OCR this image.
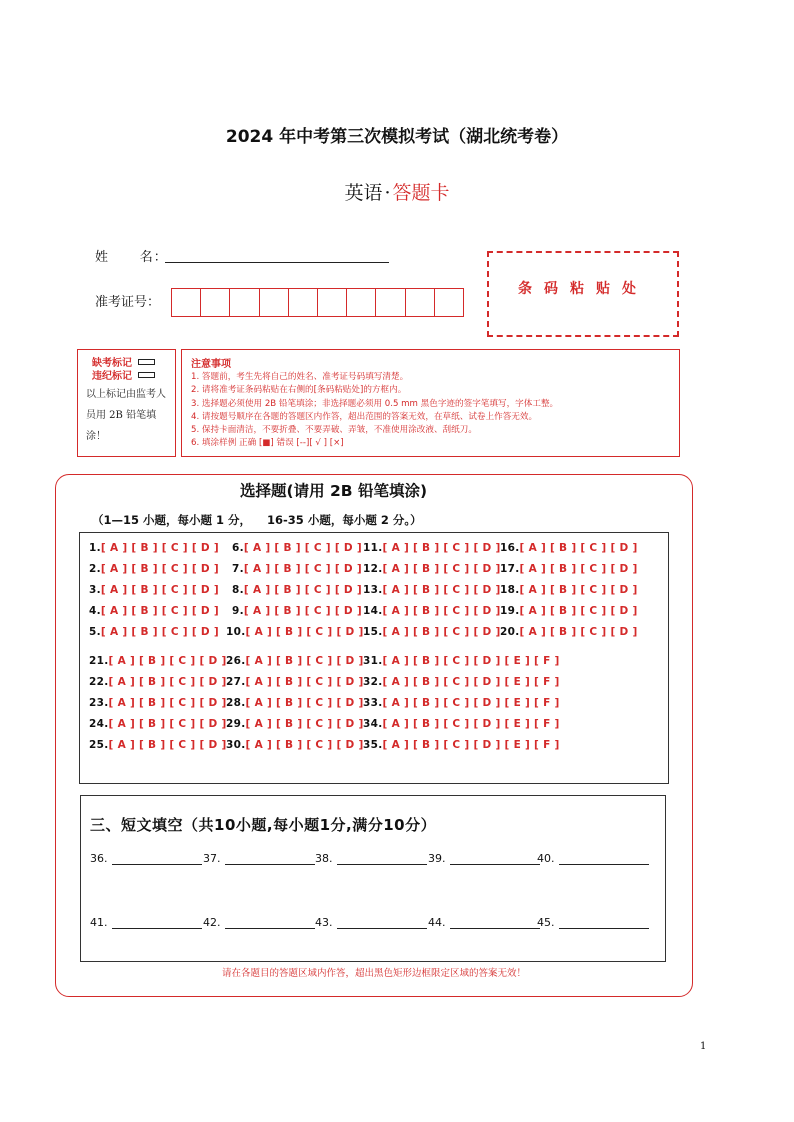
2024 年中考第三次模拟考试（湖北统考卷）
英语 · 答题卡
姓      名：
准考证号：
条码粘贴处
缺考标记
违纪标记
以上标记由监考人员用 2B 铅笔填涂！
注意事项
1. 答题前，考生先将自己的姓名、准考证号码填写清楚。
2. 请将准考证条码粘贴在右侧的[条码粘贴处]的方框内。
3. 选择题必须使用 2B 铅笔填涂；非选择题必须用 0.5 mm 黑色字迹的签字笔填写，字体工整。
4. 请按题号顺序在各题的答题区内作答，超出范围的答案无效，在草纸、试卷上作答无效。
5. 保持卡面清洁，不要折叠、不要弄破、弄皱，不准使用涂改液、刮纸刀。
6. 填涂样例 正确 [■] 错误 [--][ √ ] [×]
选择题(请用 2B 铅笔填涂)
（1—15 小题，每小题 1 分，    16-35 小题，每小题 2 分。）
1.[ A ] [ B ] [ C ] [ D ]
2.[ A ] [ B ] [ C ] [ D ]
3.[ A ] [ B ] [ C ] [ D ]
4.[ A ] [ B ] [ C ] [ D ]
5.[ A ] [ B ] [ C ] [ D ]
6.[ A ] [ B ] [ C ] [ D ]
7.[ A ] [ B ] [ C ] [ D ]
8.[ A ] [ B ] [ C ] [ D ]
9.[ A ] [ B ] [ C ] [ D ]
10.[ A ] [ B ] [ C ] [ D ]
11.[ A ] [ B ] [ C ] [ D ]
12.[ A ] [ B ] [ C ] [ D ]
13.[ A ] [ B ] [ C ] [ D ]
14.[ A ] [ B ] [ C ] [ D ]
15.[ A ] [ B ] [ C ] [ D ]
16.[ A ] [ B ] [ C ] [ D ]
17.[ A ] [ B ] [ C ] [ D ]
18.[ A ] [ B ] [ C ] [ D ]
19.[ A ] [ B ] [ C ] [ D ]
20.[ A ] [ B ] [ C ] [ D ]
21.[ A ] [ B ] [ C ] [ D ]
22.[ A ] [ B ] [ C ] [ D ]
23.[ A ] [ B ] [ C ] [ D ]
24.[ A ] [ B ] [ C ] [ D ]
25.[ A ] [ B ] [ C ] [ D ]
26.[ A ] [ B ] [ C ] [ D ]
27.[ A ] [ B ] [ C ] [ D ]
28.[ A ] [ B ] [ C ] [ D ]
29.[ A ] [ B ] [ C ] [ D ]
30.[ A ] [ B ] [ C ] [ D ]
31.[ A ] [ B ] [ C ] [ D ] [ E ] [ F ]
32.[ A ] [ B ] [ C ] [ D ] [ E ] [ F ]
33.[ A ] [ B ] [ C ] [ D ] [ E ] [ F ]
34.[ A ] [ B ] [ C ] [ D ] [ E ] [ F ]
35.[ A ] [ B ] [ C ] [ D ] [ E ] [ F ]
三、短文填空（共10小题,每小题1分,满分10分）
36.	37.	38.	39.	40.
41.	42.	43.	44.	45.
请在各题目的答题区域内作答，超出黑色矩形边框限定区域的答案无效！
1
